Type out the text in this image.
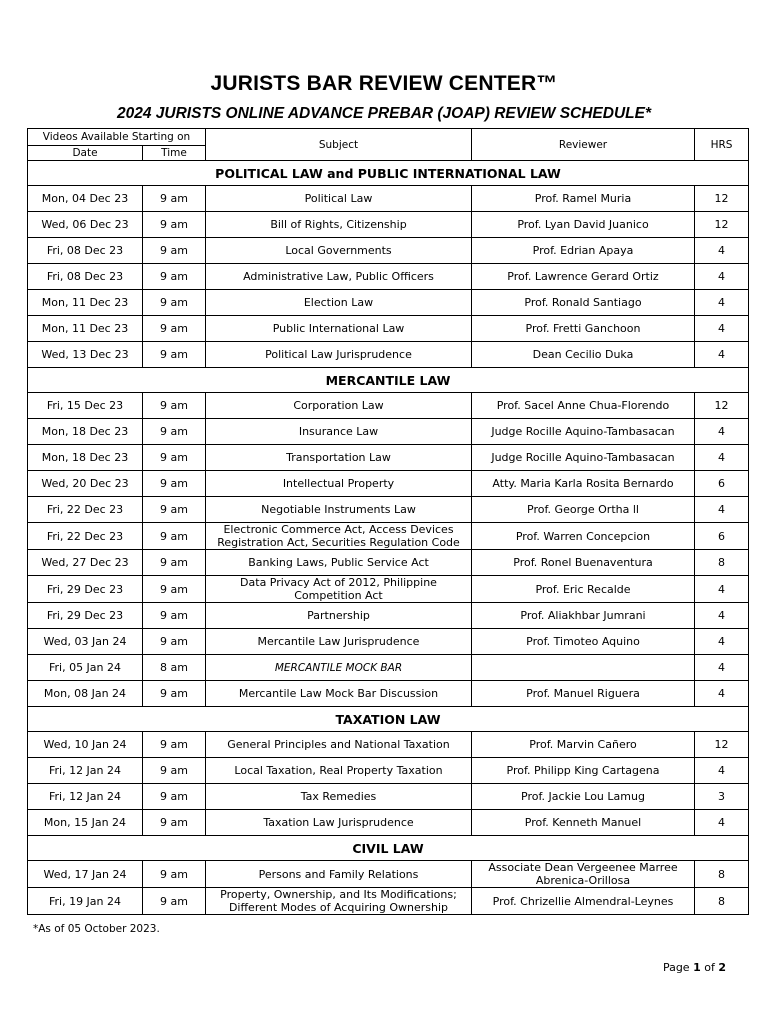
JURISTS BAR REVIEW CENTER™
2024 JURISTS ONLINE ADVANCE PREBAR (JOAP) REVIEW SCHEDULE*
Videos Available Starting on		Subject	Reviewer	HRS
Date	Time			
POLITICAL LAW and PUBLIC INTERNATIONAL LAW				
Mon, 04 Dec 23	9 am	Political Law	Prof. Ramel Muria	12
Wed, 06 Dec 23	9 am	Bill of Rights, Citizenship	Prof. Lyan David Juanico	12
Fri, 08 Dec 23	9 am	Local Governments	Prof. Edrian Apaya	4
Fri, 08 Dec 23	9 am	Administrative Law, Public Officers	Prof. Lawrence Gerard Ortiz	4
Mon, 11 Dec 23	9 am	Election Law	Prof. Ronald Santiago	4
Mon, 11 Dec 23	9 am	Public International Law	Prof. Fretti Ganchoon	4
Wed, 13 Dec 23	9 am	Political Law Jurisprudence	Dean Cecilio Duka	4
MERCANTILE LAW				
Fri, 15 Dec 23	9 am	Corporation Law	Prof. Sacel Anne Chua-Florendo	12
Mon, 18 Dec 23	9 am	Insurance Law	Judge Rocille Aquino-Tambasacan	4
Mon, 18 Dec 23	9 am	Transportation Law	Judge Rocille Aquino-Tambasacan	4
Wed, 20 Dec 23	9 am	Intellectual Property	Atty. Maria Karla Rosita Bernardo	6
Fri, 22 Dec 23	9 am	Negotiable Instruments Law	Prof. George Ortha ll	4
Fri, 22 Dec 23	9 am	Electronic Commerce Act, Access Devices Registration Act, Securities Regulation Code	Prof. Warren Concepcion	6
Wed, 27 Dec 23	9 am	Banking Laws, Public Service Act	Prof. Ronel Buenaventura	8
Fri, 29 Dec 23	9 am	Data Privacy Act of 2012, Philippine Competition Act	Prof. Eric Recalde	4
Fri, 29 Dec 23	9 am	Partnership	Prof. Aliakhbar Jumrani	4
Wed, 03 Jan 24	9 am	Mercantile Law Jurisprudence	Prof. Timoteo Aquino	4
Fri, 05 Jan 24	8 am	MERCANTILE MOCK BAR		4
Mon, 08 Jan 24	9 am	Mercantile Law Mock Bar Discussion	Prof. Manuel Riguera	4
TAXATION LAW				
Wed, 10 Jan 24	9 am	General Principles and National Taxation	Prof. Marvin Cañero	12
Fri, 12 Jan 24	9 am	Local Taxation, Real Property Taxation	Prof. Philipp King Cartagena	4
Fri, 12 Jan 24	9 am	Tax Remedies	Prof. Jackie Lou Lamug	3
Mon, 15 Jan 24	9 am	Taxation Law Jurisprudence	Prof. Kenneth Manuel	4
CIVIL LAW				
Wed, 17 Jan 24	9 am	Persons and Family Relations	Associate Dean Vergeenee Marree Abrenica-Orillosa	8
Fri, 19 Jan 24	9 am	Property, Ownership, and Its Modifications; Different Modes of Acquiring Ownership	Prof. Chrizellie Almendral-Leynes	8
*As of 05 October 2023.
Page 1 of 2
